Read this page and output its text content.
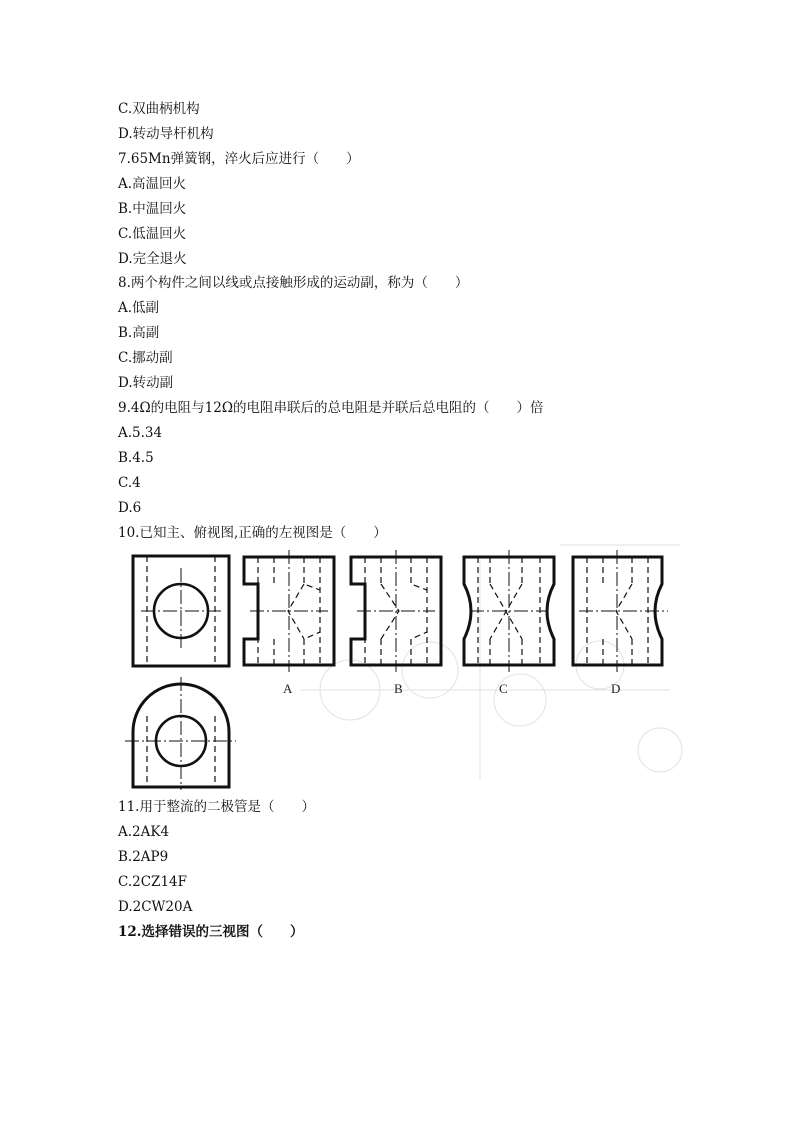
C.双曲柄机构
D.转动导杆机构
7.65Mn弹簧钢，淬火后应进行（　　）
A.高温回火
B.中温回火
C.低温回火
D.完全退火
8.两个构件之间以线或点接触形成的运动副，称为（　　）
A.低副
B.高副
C.挪动副
D.转动副
9.4Ω的电阻与12Ω的电阻串联后的总电阻是并联后总电阻的（　　）倍
A.5.34
B.4.5
C.4
D.6
10.已知主、俯视图,正确的左视图是（　　）
A	B	C	D
11.用于整流的二极管是（　　）
A.2AK4
B.2AP9
C.2CZ14F
D.2CW20A
12.选择错误的三视图（　　）
